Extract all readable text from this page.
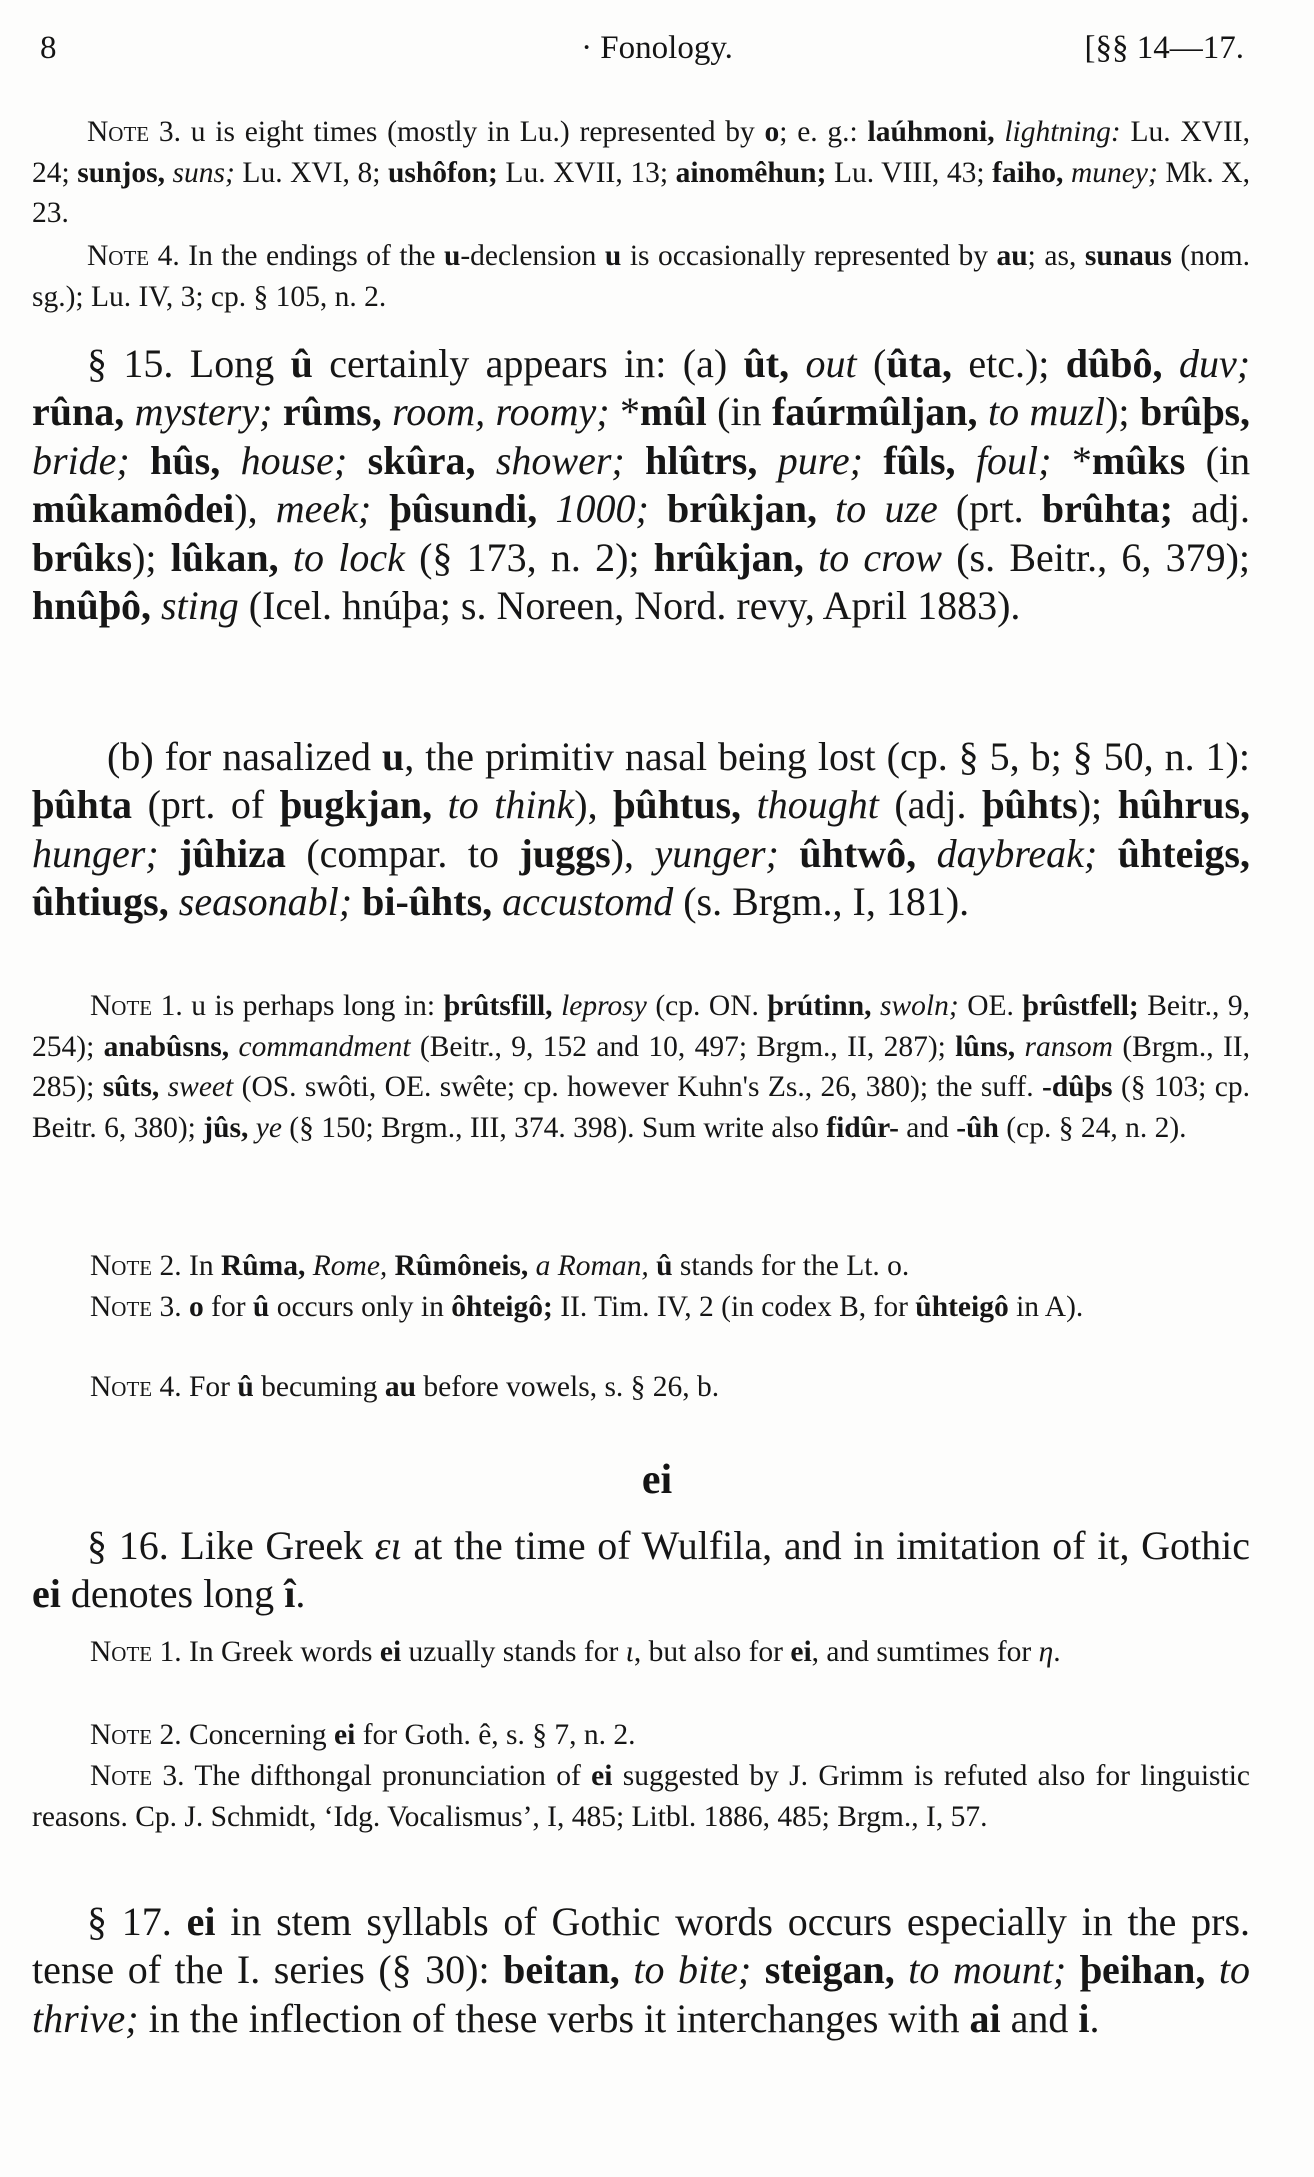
8	· Fonology.	[§§ 14—17.

Note 3. u is eight times (mostly in Lu.) represented by o; e. g.: laúhmoni, lightning: Lu. XVII, 24; sunjos, suns; Lu. XVI, 8; ushôfon; Lu. XVII, 13; ainomêhun; Lu. VIII, 43; faiho, muney; Mk. X, 23.

Note 4. In the endings of the u-declension u is occasionally represented by au; as, sunaus (nom. sg.); Lu. IV, 3; cp. § 105, n. 2.

§ 15. Long û certainly appears in: (a) ût, out (ûta, etc.); dûbô, duv; rûna, mystery; rûms, room, roomy; *mûl (in faúrmûljan, to muzl); brûþs, bride; hûs, house; skûra, shower; hlûtrs, pure; fûls, foul; *mûks (in mûkamôdei), meek; þûsundi, 1000; brûkjan, to uze (prt. brûhta; adj. brûks); lûkan, to lock (§ 173, n. 2); hrûkjan, to crow (s. Beitr., 6, 379); hnûþô, sting (Icel. hnúþa; s. Noreen, Nord. revy, April 1883).

(b) for nasalized u, the primitiv nasal being lost (cp. § 5, b; § 50, n. 1): þûhta (prt. of þugkjan, to think), þûhtus, thought (adj. þûhts); hûhrus, hunger; jûhiza (compar. to juggs), yunger; ûhtwô, daybreak; ûhteigs, ûhtiugs, seasonabl; bi-ûhts, accustomd (s. Brgm., I, 181).

Note 1. u is perhaps long in: þrûtsfill, leprosy (cp. ON. þrútinn, swoln; OE. þrûstfell; Beitr., 9, 254); anabûsns, commandment (Beitr., 9, 152 and 10, 497; Brgm., II, 287); lûns, ransom (Brgm., II, 285); sûts, sweet (OS. swôti, OE. swête; cp. however Kuhn's Zs., 26, 380); the suff. -dûþs (§ 103; cp. Beitr. 6, 380); jûs, ye (§ 150; Brgm., III, 374. 398). Sum write also fidûr- and -ûh (cp. § 24, n. 2).

Note 2. In Rûma, Rome, Rûmôneis, a Roman, û stands for the Lt. o.

Note 3. o for û occurs only in ôhteigô; II. Tim. IV, 2 (in codex B, for ûhteigô in A).

Note 4. For û becuming au before vowels, s. § 26, b.

ei

§ 16. Like Greek ει at the time of Wulfila, and in imitation of it, Gothic ei denotes long î.

Note 1. In Greek words ei uzually stands for ι, but also for ei, and sumtimes for η.

Note 2. Concerning ei for Goth. ê, s. § 7, n. 2.

Note 3. The difthongal pronunciation of ei suggested by J. Grimm is refuted also for linguistic reasons. Cp. J. Schmidt, ‘Idg. Vocalismus’, I, 485; Litbl. 1886, 485; Brgm., I, 57.

§ 17. ei in stem syllabls of Gothic words occurs especially in the prs. tense of the I. series (§ 30): beitan, to bite; steigan, to mount; þeihan, to thrive; in the inflection of these verbs it interchanges with ai and i.
